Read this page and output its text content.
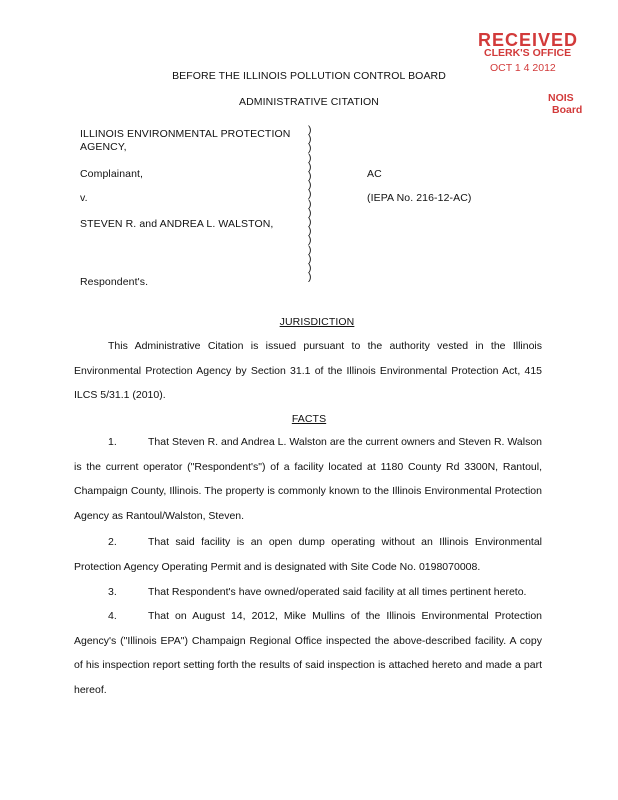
RECEIVED
CLERK'S OFFICE
OCT 1 4 2012
NOIS
Board
BEFORE THE ILLINOIS POLLUTION CONTROL BOARD
ADMINISTRATIVE CITATION
ILLINOIS ENVIRONMENTAL PROTECTION
AGENCY,
Complainant,
v.
STEVEN R. and ANDREA L. WALSTON,
Respondent's.
)
)
)
)
)
)
)
)
)
)
)
)
)
)
)
)
)
AC
(IEPA No. 216-12-AC)
JURISDICTION
This Administrative Citation is issued pursuant to the authority vested in the Illinois Environmental Protection Agency by Section 31.1 of the Illinois Environmental Protection Act, 415 ILCS 5/31.1 (2010).
FACTS
1.	That Steven R. and Andrea L. Walston are the current owners and Steven R. Walson is the current operator ("Respondent's") of a facility located at 1180 County Rd 3300N, Rantoul, Champaign County, Illinois. The property is commonly known to the Illinois Environmental Protection Agency as Rantoul/Walston, Steven.
2.	That said facility is an open dump operating without an Illinois Environmental Protection Agency Operating Permit and is designated with Site Code No. 0198070008.
3.	That Respondent's have owned/operated said facility at all times pertinent hereto.
4.	That on August 14, 2012, Mike Mullins of the Illinois Environmental Protection Agency's ("Illinois EPA") Champaign Regional Office inspected the above-described facility. A copy of his inspection report setting forth the results of said inspection is attached hereto and made a part hereof.
